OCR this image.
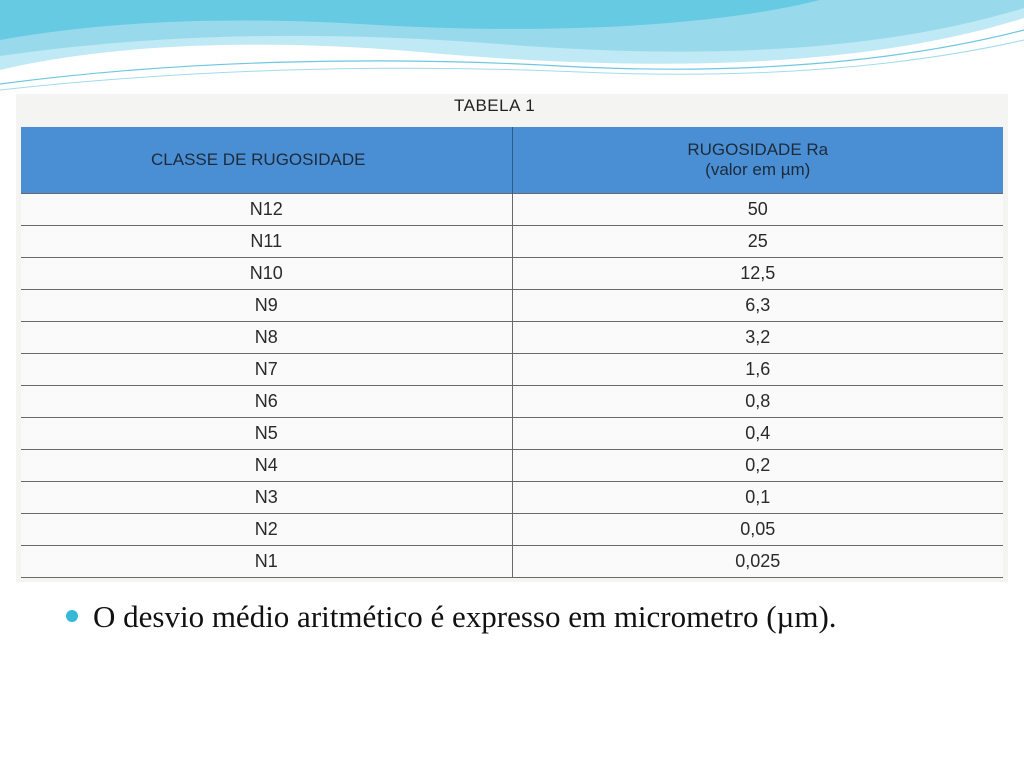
TABELA 1
CLASSE DE RUGOSIDADE	RUGOSIDADE Ra
(valor em µm)

N12	50
N11	25
N10	12,5
N9	6,3
N8	3,2
N7	1,6
N6	0,8
N5	0,4
N4	0,2
N3	0,1
N2	0,05
N1	0,025
O desvio médio aritmético é expresso em micrometro (µm).
